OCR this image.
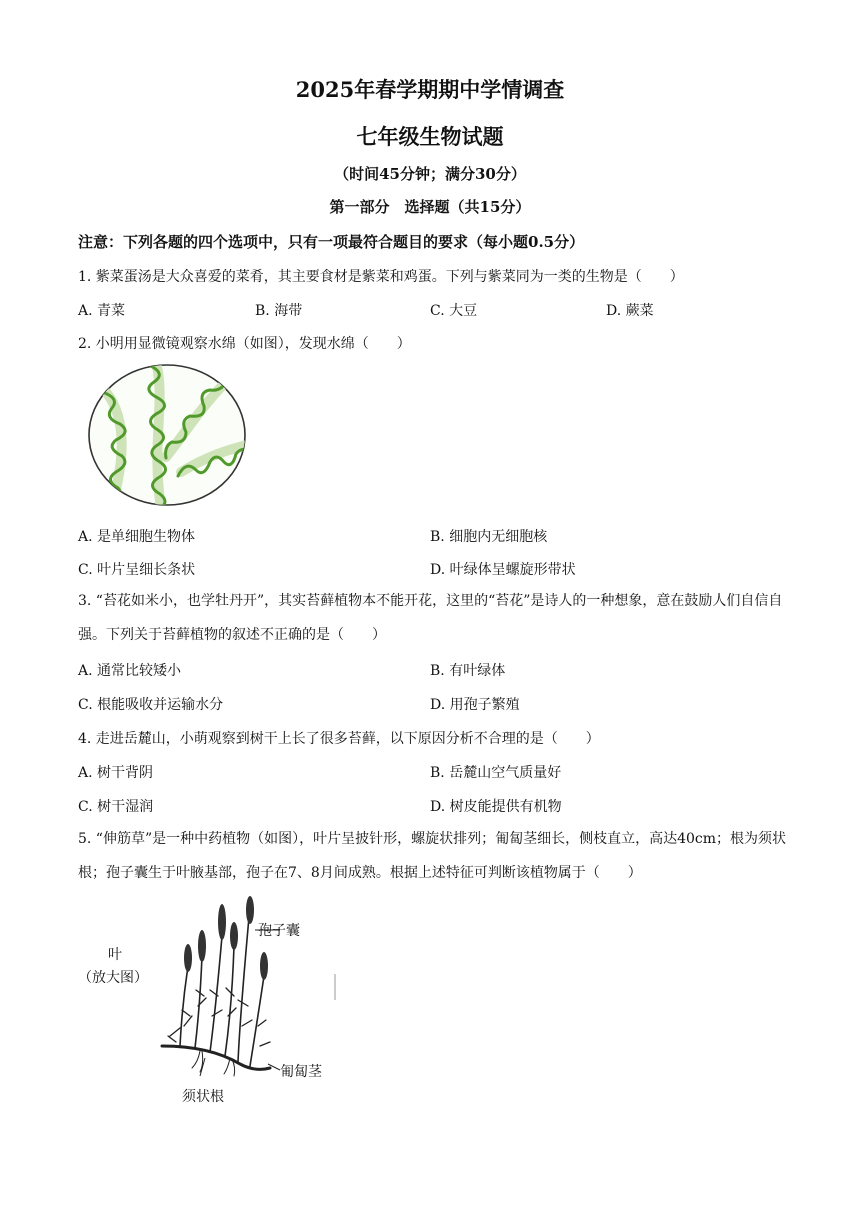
2025年春学期期中学情调查
七年级生物试题
（时间45分钟；满分30分）
第一部分　选择题（共15分）
注意：下列各题的四个选项中，只有一项最符合题目的要求（每小题0.5分）
1. 紫菜蛋汤是大众喜爱的菜肴，其主要食材是紫菜和鸡蛋。下列与紫菜同为一类的生物是（　　）
A. 青菜	B. 海带	C. 大豆	D. 蕨菜
2. 小明用显微镜观察水绵（如图），发现水绵（　　）
A. 是单细胞生物体	B. 细胞内无细胞核
C. 叶片呈细长条状	D. 叶绿体呈螺旋形带状
3. “苔花如米小，也学牡丹开”，其实苔藓植物本不能开花，这里的“苔花”是诗人的一种想象，意在鼓励人们自信自强。下列关于苔藓植物的叙述不正确的是（　　）
A. 通常比较矮小	B. 有叶绿体
C. 根能吸收并运输水分	D. 用孢子繁殖
4. 走进岳麓山，小萌观察到树干上长了很多苔藓，以下原因分析不合理的是（　　）
A. 树干背阴	B. 岳麓山空气质量好
C. 树干湿润	D. 树皮能提供有机物
5. “伸筋草”是一种中药植物（如图），叶片呈披针形，螺旋状排列；匍匐茎细长，侧枝直立，高达40cm；根为须状根；孢子囊生于叶腋基部，孢子在7、8月间成熟。根据上述特征可判断该植物属于（　　）
孢子囊
叶
（放大图）
匍匐茎
须状根
